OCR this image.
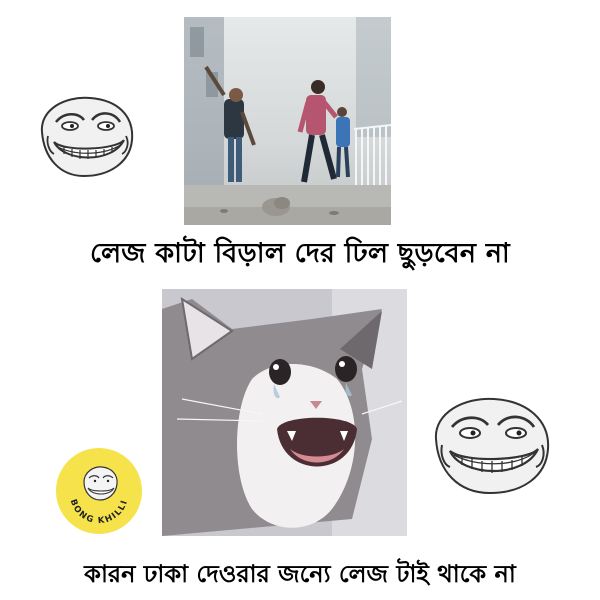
লেজ কাটা বিড়াল দের ঢিল ছুড়বেন না
BONG KHILLI
কারন ঢাকা দেওরার জন্যে লেজ টাই থাকে না
